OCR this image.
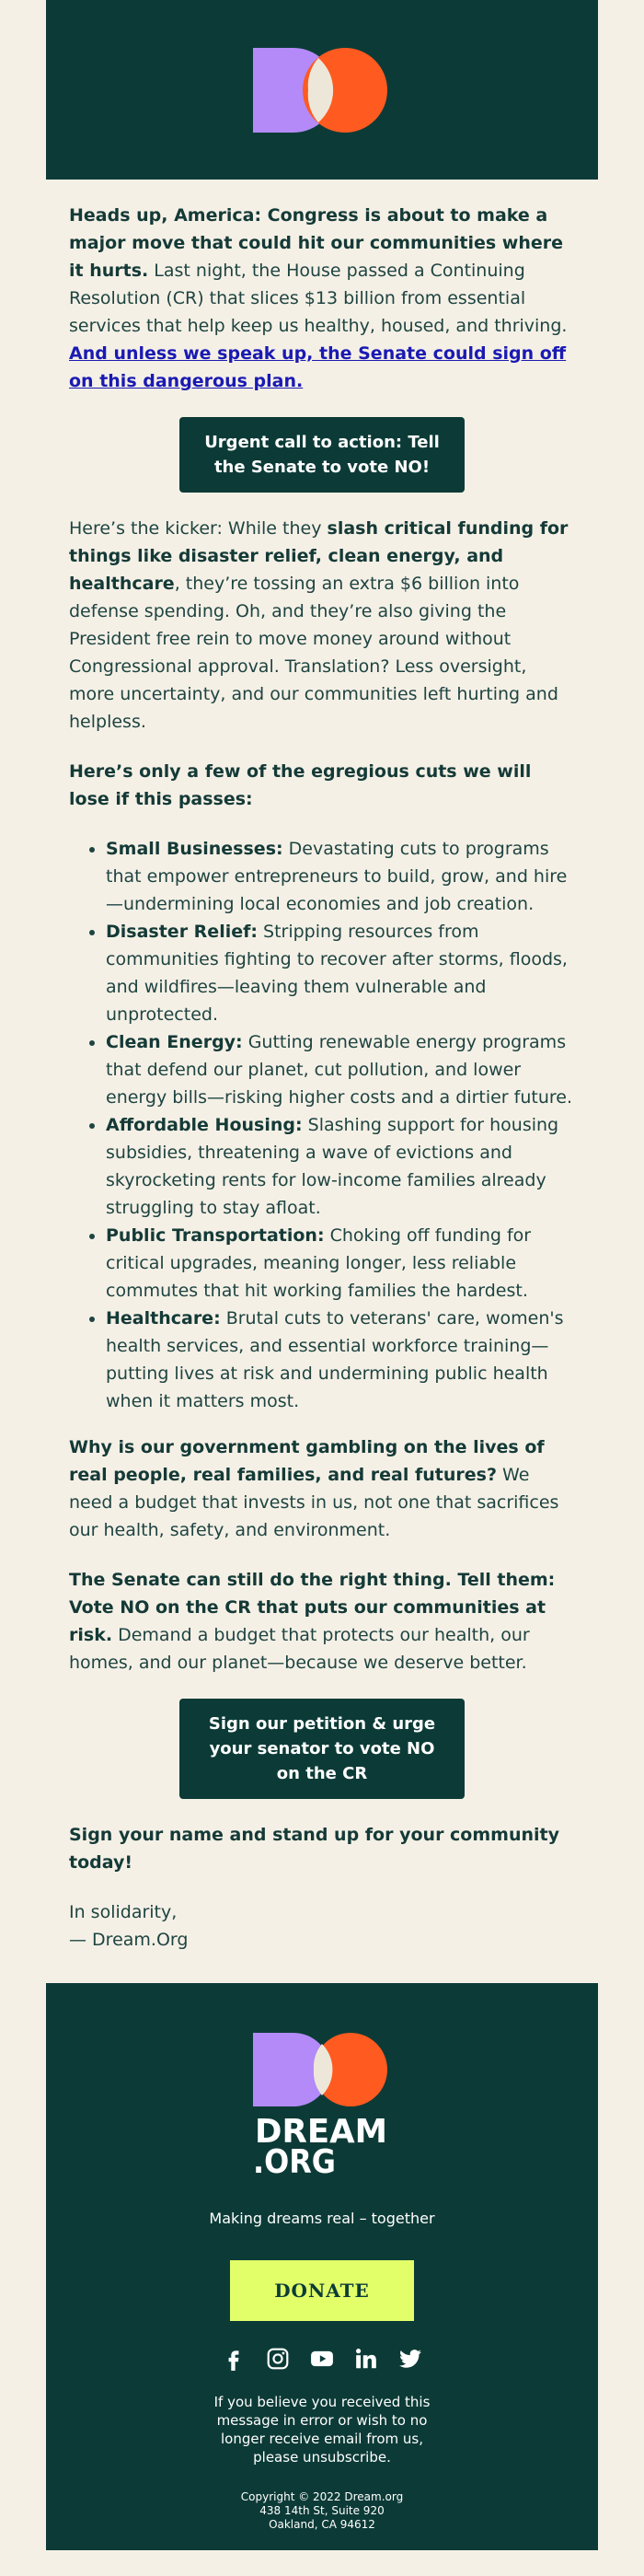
Heads up, America: Congress is about to make a major move that could hit our communities where it hurts. Last night, the House passed a Continuing Resolution (CR) that slices $13 billion from essential services that help keep us healthy, housed, and thriving. And unless we speak up, the Senate could sign off on this dangerous plan.

Urgent call to action: Tell the Senate to vote NO!

Here’s the kicker: While they slash critical funding for things like disaster relief, clean energy, and healthcare, they’re tossing an extra $6 billion into defense spending. Oh, and they’re also giving the President free rein to move money around without Congressional approval. Translation? Less oversight, more uncertainty, and our communities left hurting and helpless.

Here’s only a few of the egregious cuts we will lose if this passes:

• Small Businesses: Devastating cuts to programs that empower entrepreneurs to build, grow, and hire—undermining local economies and job creation.
• Disaster Relief: Stripping resources from communities fighting to recover after storms, floods, and wildfires—leaving them vulnerable and unprotected.
• Clean Energy: Gutting renewable energy programs that defend our planet, cut pollution, and lower energy bills—risking higher costs and a dirtier future.
• Affordable Housing: Slashing support for housing subsidies, threatening a wave of evictions and skyrocketing rents for low-income families already struggling to stay afloat.
• Public Transportation: Choking off funding for critical upgrades, meaning longer, less reliable commutes that hit working families the hardest.
• Healthcare: Brutal cuts to veterans' care, women's health services, and essential workforce training—putting lives at risk and undermining public health when it matters most.

Why is our government gambling on the lives of real people, real families, and real futures? We need a budget that invests in us, not one that sacrifices our health, safety, and environment.

The Senate can still do the right thing. Tell them: Vote NO on the CR that puts our communities at risk. Demand a budget that protects our health, our homes, and our planet—because we deserve better.

Sign our petition & urge your senator to vote NO on the CR

Sign your name and stand up for your community today!

In solidarity,
— Dream.Org

DREAM
.ORG
Making dreams real – together
DONATE
If you believe you received this message in error or wish to no longer receive email from us, please unsubscribe.
Copyright © 2022 Dream.org
438 14th St, Suite 920
Oakland, CA 94612
